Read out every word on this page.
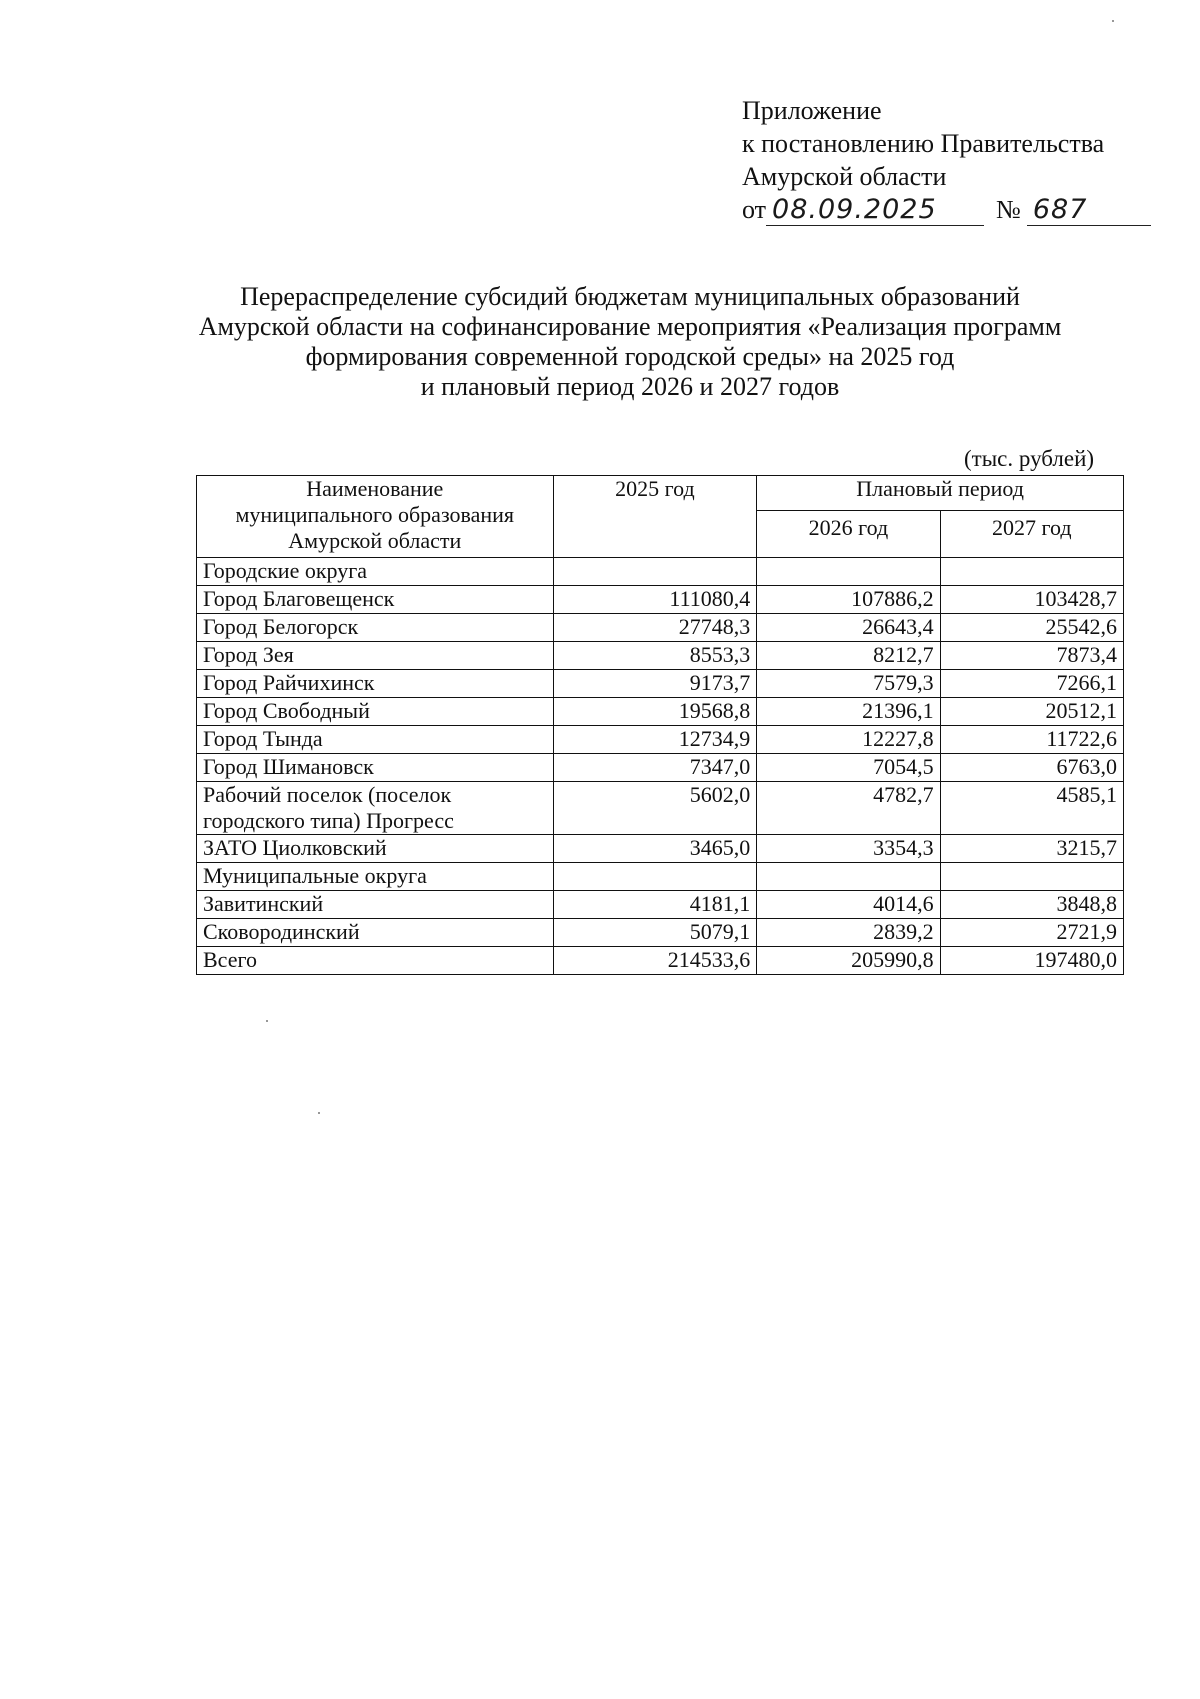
Приложение
к постановлению Правительства
Амурской области
от 08.09.2025	№ 687
Перераспределение субсидий бюджетам муниципальных образований
Амурской области на софинансирование мероприятия «Реализация программ
формирования современной городской среды» на 2025 год
и плановый период 2026 и 2027 годов
(тыс. рублей)
Наименование
муниципального образования
Амурской области	2025 год	Плановый период	
		2026 год	2027 год
Городские округа			
Город Благовещенск	111080,4	107886,2	103428,7
Город Белогорск	27748,3	26643,4	25542,6
Город Зея	8553,3	8212,7	7873,4
Город Райчихинск	9173,7	7579,3	7266,1
Город Свободный	19568,8	21396,1	20512,1
Город Тында	12734,9	12227,8	11722,6
Город Шимановск	7347,0	7054,5	6763,0

Рабочий поселок (поселок
городского типа) Прогресс	5602,0	4782,7	4585,1
ЗАТО Циолковский	3465,0	3354,3	3215,7
Муниципальные округа			
Завитинский	4181,1	4014,6	3848,8
Сковородинский	5079,1	2839,2	2721,9
Всего	214533,6	205990,8	197480,0
